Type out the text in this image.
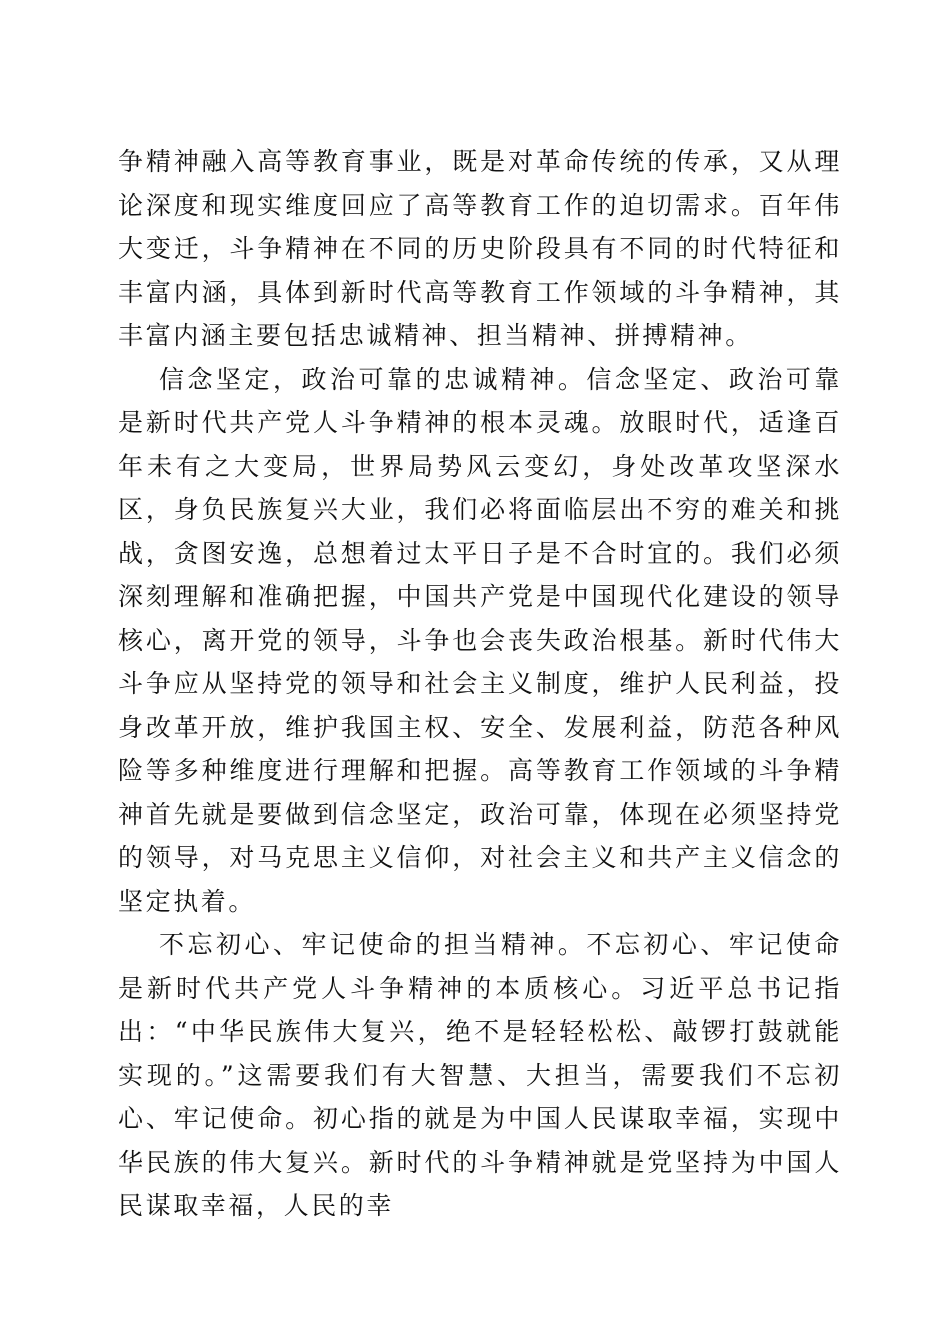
争精神融入高等教育事业，既是对革命传统的传承，又从理论深度和现实维度回应了高等教育工作的迫切需求。百年伟大变迁，斗争精神在不同的历史阶段具有不同的时代特征和丰富内涵，具体到新时代高等教育工作领域的斗争精神，其丰富内涵主要包括忠诚精神、担当精神、拼搏精神。

信念坚定，政治可靠的忠诚精神。信念坚定、政治可靠是新时代共产党人斗争精神的根本灵魂。放眼时代，适逢百年未有之大变局，世界局势风云变幻，身处改革攻坚深水区，身负民族复兴大业，我们必将面临层出不穷的难关和挑战，贪图安逸，总想着过太平日子是不合时宜的。我们必须深刻理解和准确把握，中国共产党是中国现代化建设的领导核心，离开党的领导，斗争也会丧失政治根基。新时代伟大斗争应从坚持党的领导和社会主义制度，维护人民利益，投身改革开放，维护我国主权、安全、发展利益，防范各种风险等多种维度进行理解和把握。高等教育工作领域的斗争精神首先就是要做到信念坚定，政治可靠，体现在必须坚持党的领导，对马克思主义信仰，对社会主义和共产主义信念的坚定执着。

不忘初心、牢记使命的担当精神。不忘初心、牢记使命是新时代共产党人斗争精神的本质核心。习近平总书记指出：“中华民族伟大复兴，绝不是轻轻松松、敲锣打鼓就能实现的。”这需要我们有大智慧、大担当，需要我们不忘初心、牢记使命。初心指的就是为中国人民谋取幸福，实现中华民族的伟大复兴。新时代的斗争精神就是党坚持为中国人民谋取幸福，人民的幸
